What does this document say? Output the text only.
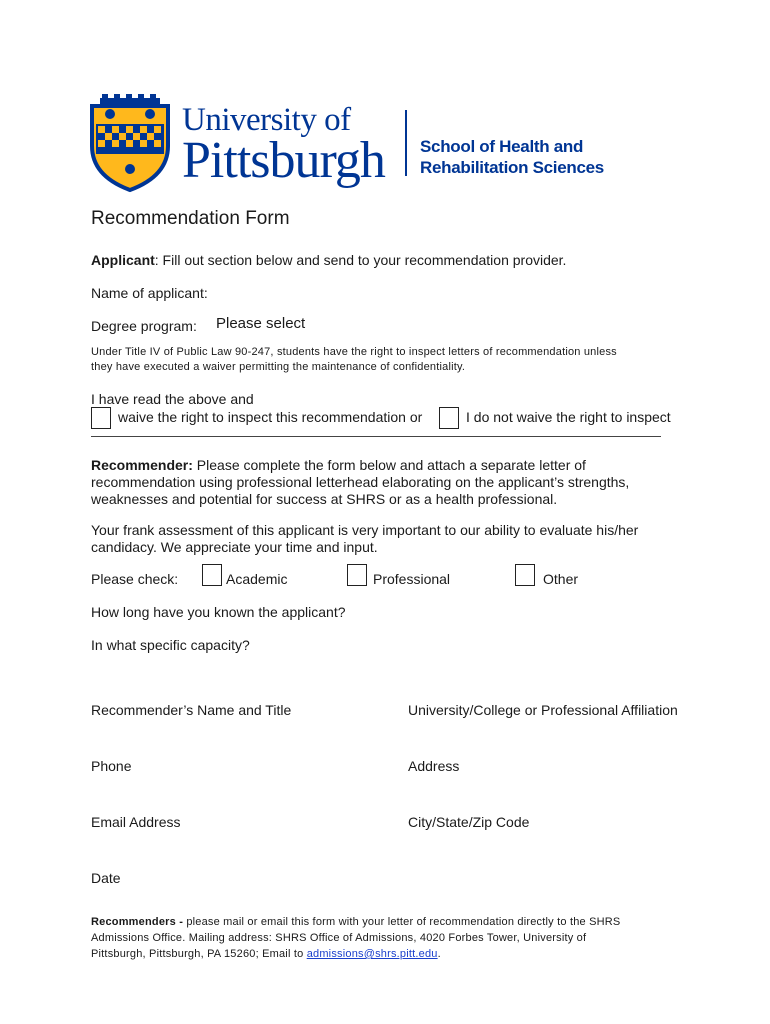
University of
Pittsburgh School of Health and
Rehabilitation Sciences
Recommendation Form
Applicant: Fill out section below and send to your recommendation provider.
Name of applicant:
Degree program: Please select
Under Title IV of Public Law 90-247, students have the right to inspect letters of recommendation unless
they have executed a waiver permitting the maintenance of confidentiality.
I have read the above and
waive the right to inspect this recommendation or	I do not waive the right to inspect
Recommender: Please complete the form below and attach a separate letter of
recommendation using professional letterhead elaborating on the applicant’s strengths,
weaknesses and potential for success at SHRS or as a health professional.
Your frank assessment of this applicant is very important to our ability to evaluate his/her
candidacy. We appreciate your time and input.
Please check:	Academic	Professional	Other
How long have you known the applicant?
In what specific capacity?
Recommender’s Name and Title	University/College or Professional Affiliation
Phone	Address
Email Address	City/State/Zip Code
Date
Recommenders - please mail or email this form with your letter of recommendation directly to the SHRS
Admissions Office. Mailing address: SHRS Office of Admissions, 4020 Forbes Tower, University of
Pittsburgh, Pittsburgh, PA 15260; Email to admissions@shrs.pitt.edu.
